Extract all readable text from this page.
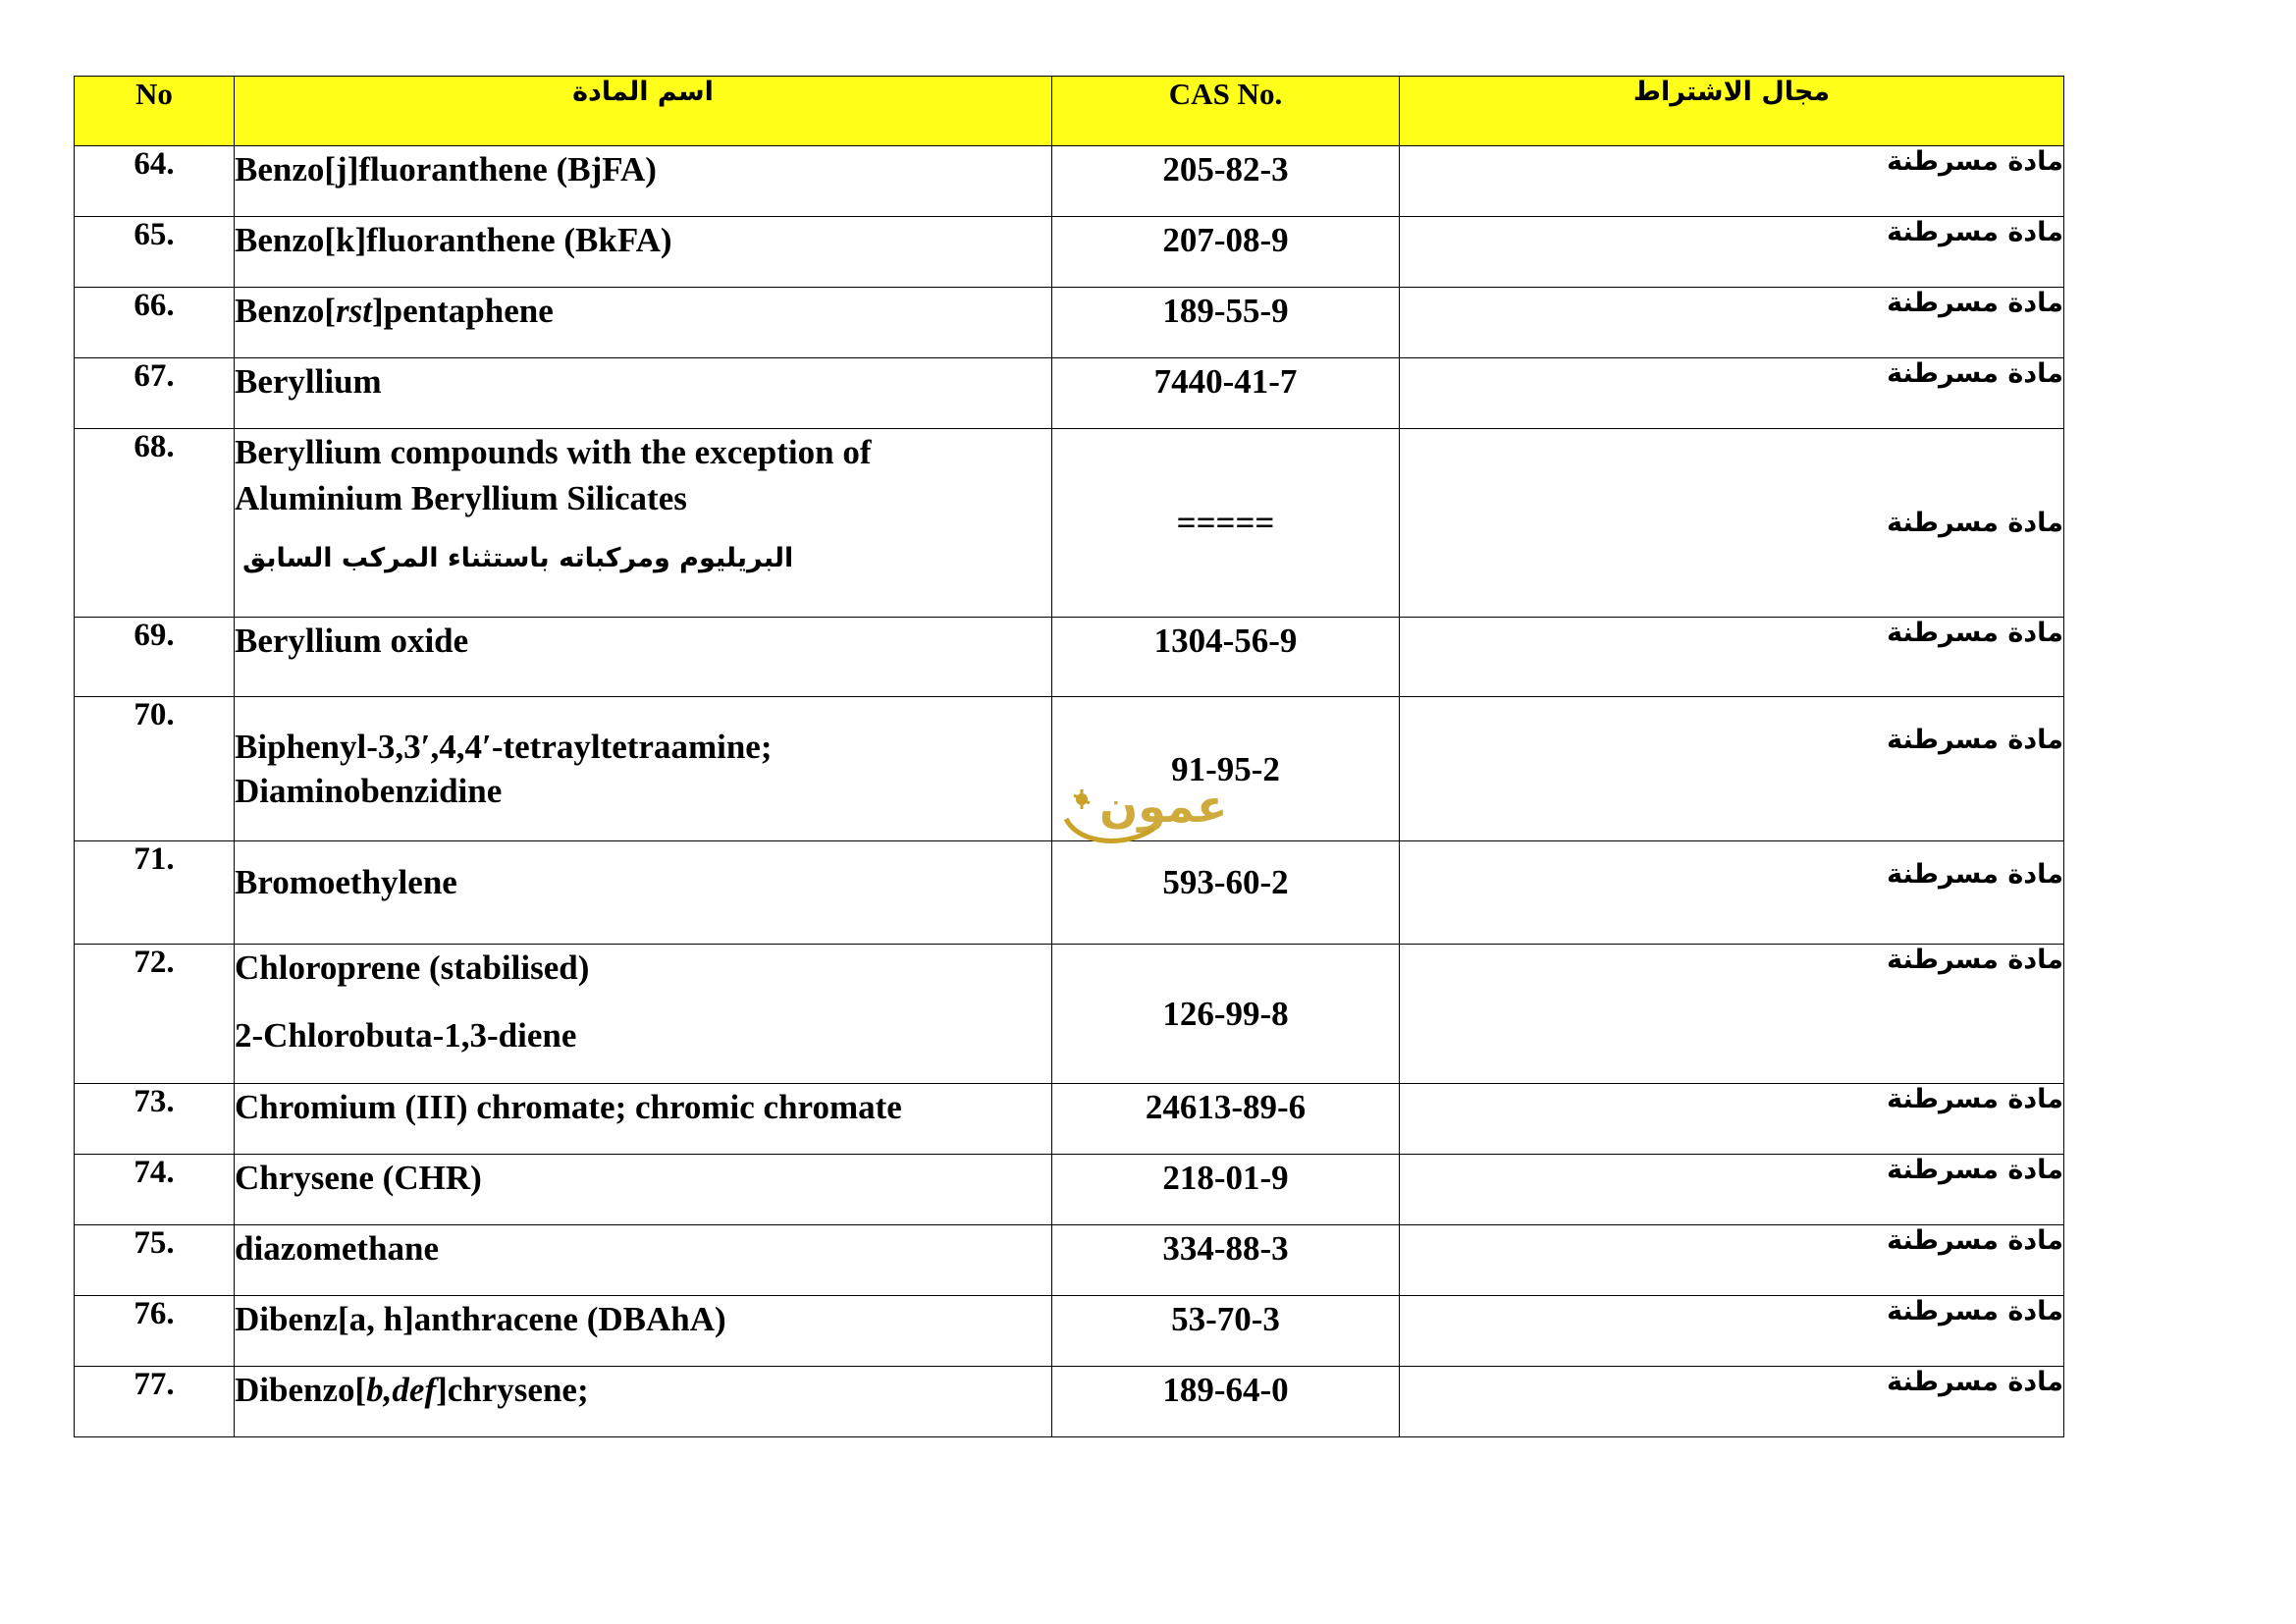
No	اسم المادة	CAS No.	مجال الاشتراط
64.	Benzo[j]fluoranthene (BjFA)	205-82-3	مادة مسرطنة
65.	Benzo[k]fluoranthene (BkFA)	207-08-9	مادة مسرطنة
66.	Benzo[rst]pentaphene	189-55-9	مادة مسرطنة
67.	Beryllium	7440-41-7	مادة مسرطنة
68.	Beryllium compounds with the exception of
Aluminium Beryllium Silicates
البريليوم ومركباته باستثناء المركب السابق	=====	مادة مسرطنة
69.	Beryllium oxide	1304-56-9	مادة مسرطنة
70.	Biphenyl-3,3′,4,4′-tetrayltetraamine;
Diaminobenzidine	91-95-2	مادة مسرطنة
71.	Bromoethylene	593-60-2	مادة مسرطنة
72.	Chloroprene (stabilised)
2-Chlorobuta-1,3-diene	126-99-8	مادة مسرطنة
73.	Chromium (III) chromate; chromic chromate	24613-89-6	مادة مسرطنة
74.	Chrysene (CHR)	218-01-9	مادة مسرطنة
75.	diazomethane	334-88-3	مادة مسرطنة
76.	Dibenz[a, h]anthracene (DBAhA)	53-70-3	مادة مسرطنة
77.	Dibenzo[b,def]chrysene;	189-64-0	مادة مسرطنة
عمون
